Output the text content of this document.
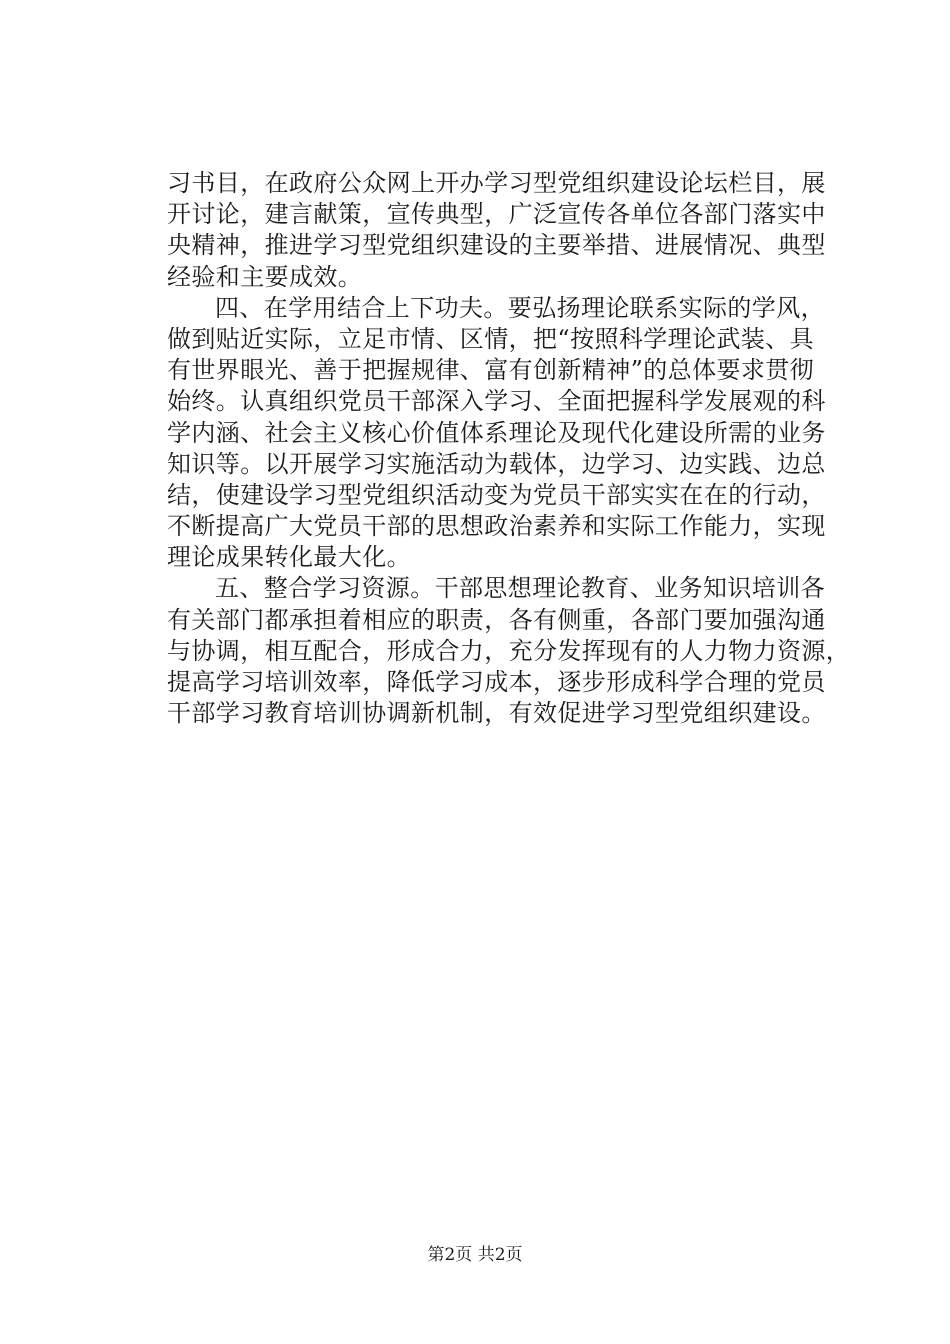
习书目，在政府公众网上开办学习型党组织建设论坛栏目，展
开讨论，建言献策，宣传典型，广泛宣传各单位各部门落实中
央精神，推进学习型党组织建设的主要举措、进展情况、典型
经验和主要成效。
四、在学用结合上下功夫。要弘扬理论联系实际的学风，
做到贴近实际，立足市情、区情，把“按照科学理论武装、具
有世界眼光、善于把握规律、富有创新精神”的总体要求贯彻
始终。认真组织党员干部深入学习、全面把握科学发展观的科
学内涵、社会主义核心价值体系理论及现代化建设所需的业务
知识等。以开展学习实施活动为载体，边学习、边实践、边总
结，使建设学习型党组织活动变为党员干部实实在在的行动，
不断提高广大党员干部的思想政治素养和实际工作能力，实现
理论成果转化最大化。
五、整合学习资源。干部思想理论教育、业务知识培训各
有关部门都承担着相应的职责，各有侧重，各部门要加强沟通
与协调，相互配合，形成合力，充分发挥现有的人力物力资源，
提高学习培训效率，降低学习成本，逐步形成科学合理的党员
干部学习教育培训协调新机制，有效促进学习型党组织建设。
第2页 共2页
